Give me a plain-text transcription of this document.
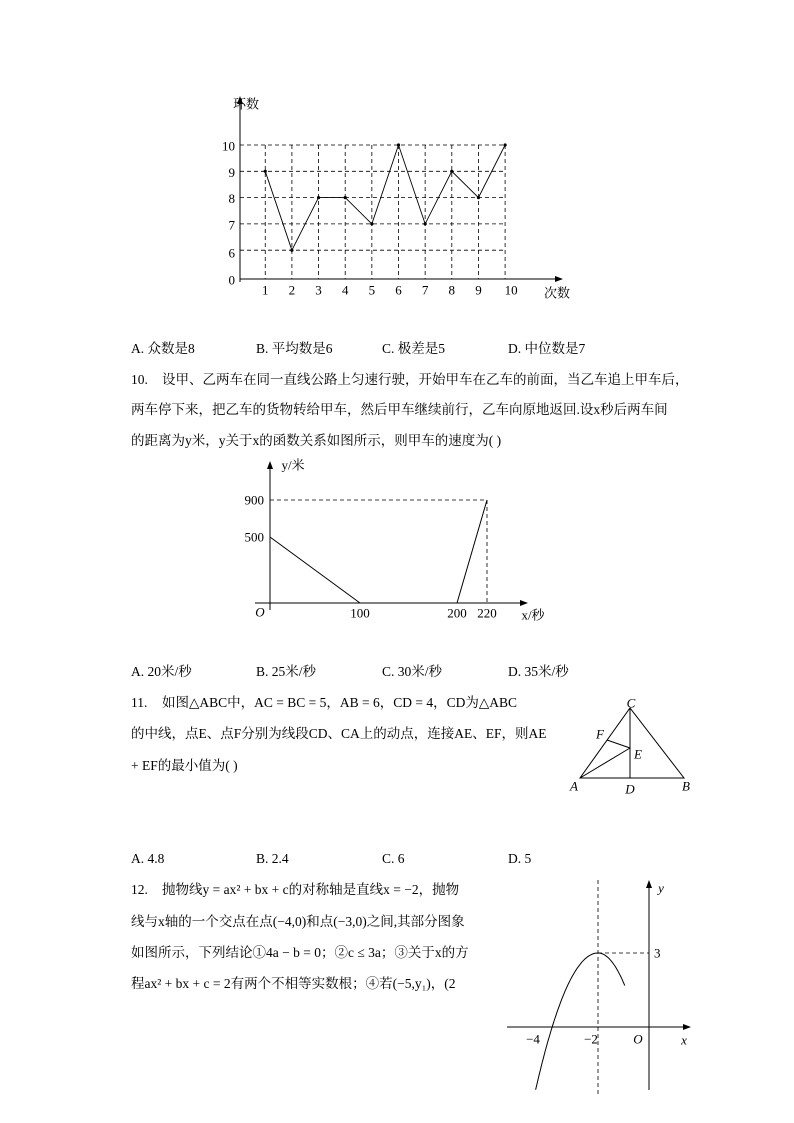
A. 众数是8	B. 平均数是6	C. 极差是5	D. 中位数是7
0
6
7
8
9
10
1 2 3 4 5 6 7 8 9 10
环数
次数
10. 设甲、乙两车在同一直线公路上匀速行驶，开始甲车在乙车的前面，当乙车追上甲车后，
两车停下来，把乙车的货物转给甲车，然后甲车继续前行，乙车向原地返回.设x秒后两车间
的距离为y米，y关于x的函数关系如图所示，则甲车的速度为( )
100	200 220
500
900
O
y/米
x/秒
A. 20米/秒	B. 25米/秒	C. 30米/秒	D. 35米/秒
11. 如图△ABC中，AC = BC = 5，AB = 6，CD = 4，CD为△ABC
的中线，点E、点F分别为线段CD、CA上的动点，连接AE、EF，则AE
+ EF的最小值为( )
C
F
E
A	D	B
A. 4.8	B. 2.4	C. 6	D. 5
12. 抛物线y = ax² + bx + c的对称轴是直线x = −2，抛物
线与x轴的一个交点在点(−4,0)和点(−3,0)之间,其部分图象
如图所示，下列结论①4a − b = 0；②c ≤ 3a；③关于x的方
程ax² + bx + c = 2有两个不相等实数根；④若(−5,y₁)，(2
−4	−2
3
y
x
O
